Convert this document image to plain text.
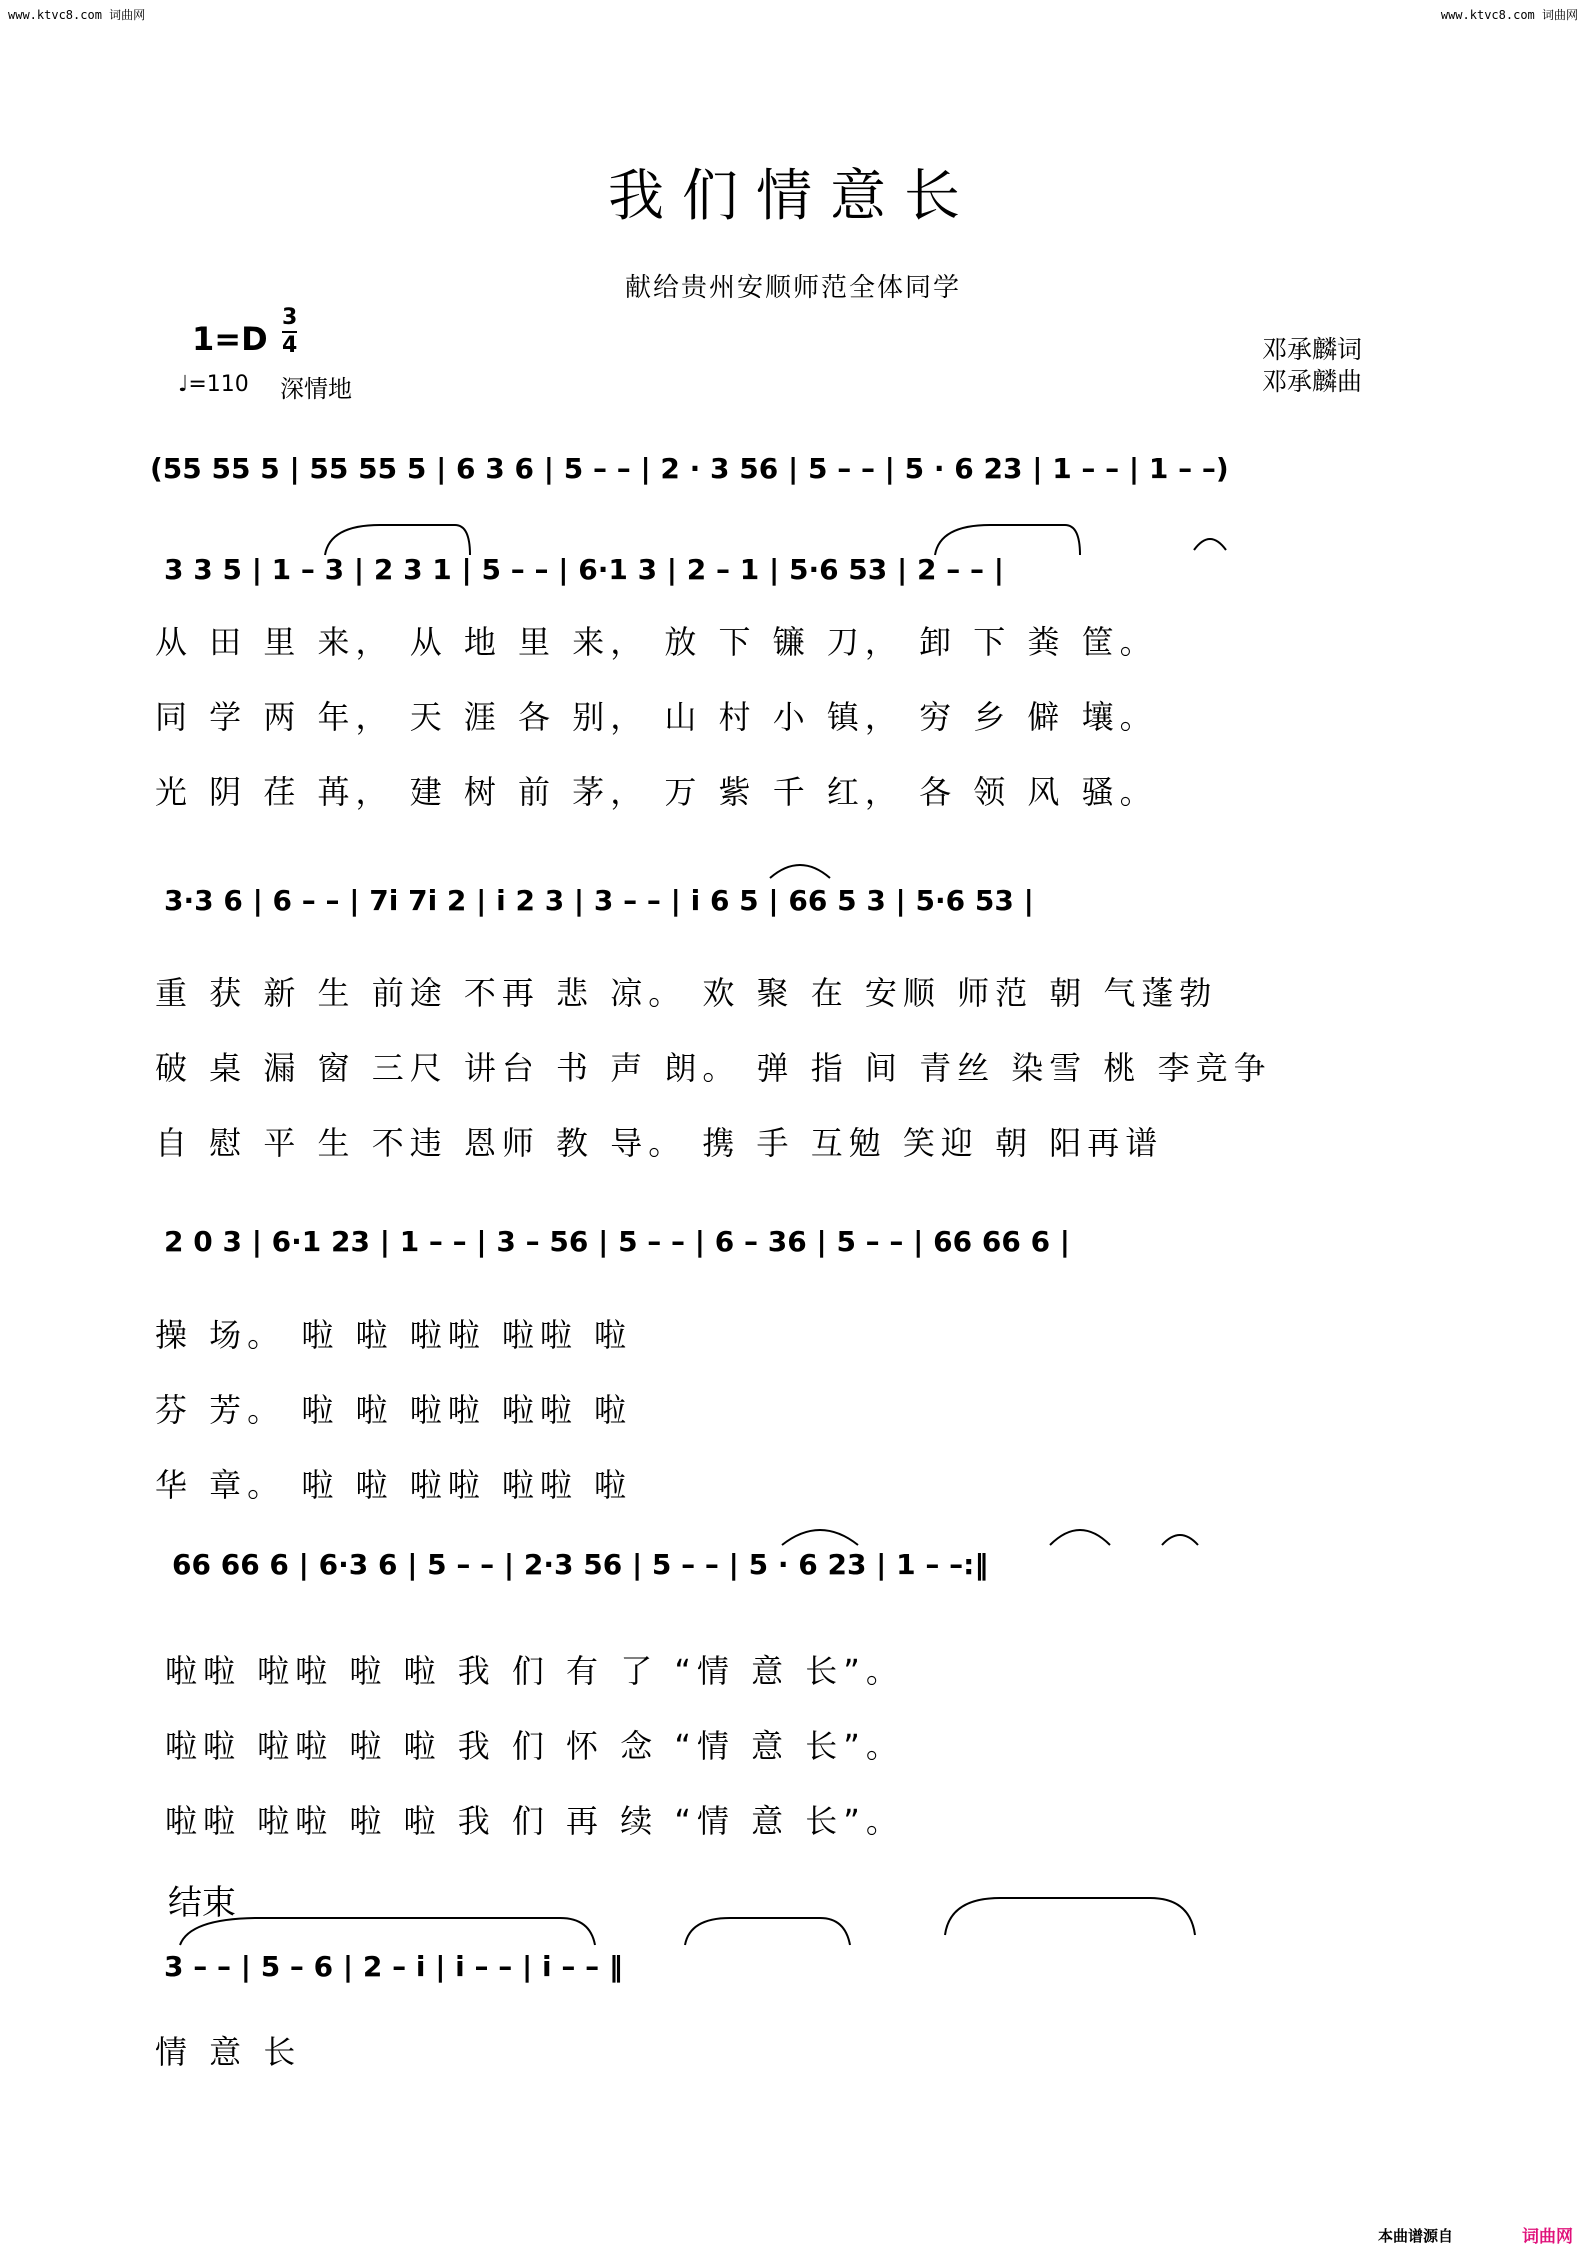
www.ktvc8.com 词曲网	www.ktvc8.com 词曲网
我们情意长
献给贵州安顺师范全体同学
1=D
3
4
♩=110 深情地
邓承麟词
邓承麟曲
(55 55 5 | 55 55 5 | 6 3 6 | 5 – – | 2 · 3 56 | 5 – – | 5 · 6 23 | 1 – – | 1 – –)
3 3 5 | 1 – 3 | 2 3 1 | 5 – – | 6·1 3 | 2 – 1 | 5·6 53 | 2 – – |
从 田 里 来， 从 地 里 来， 放 下 镰 刀， 卸 下 粪 筐。
同 学 两 年， 天 涯 各 别， 山 村 小 镇， 穷 乡 僻 壤。
光 阴 荏 苒， 建 树 前 茅， 万 紫 千 红， 各 领 风 骚。
3·3 6 | 6 – – | 7i 7i 2 | i 2 3 | 3 – – | i 6 5 | 66 5 3 | 5·6 53 |
重 获 新 生 前途 不再 悲 凉。 欢 聚 在 安顺 师范 朝 气蓬勃
破 桌 漏 窗 三尺 讲台 书 声 朗。 弹 指 间 青丝 染雪 桃 李竞争
自 慰 平 生 不违 恩师 教 导。 携 手 互勉 笑迎 朝 阳再谱
2 0 3 | 6·1 23 | 1 – – | 3 – 56 | 5 – – | 6 – 36 | 5 – – | 66 66 6 |
操 场。 啦 啦 啦啦 啦啦 啦
芬 芳。 啦 啦 啦啦 啦啦 啦
华 章。 啦 啦 啦啦 啦啦 啦
66 66 6 | 6·3 6 | 5 – – | 2·3 56 | 5 – – | 5 · 6 23 | 1 – –:‖
啦啦 啦啦 啦 啦 我 们 有 了 “情 意 长”。
啦啦 啦啦 啦 啦 我 们 怀 念 “情 意 长”。
啦啦 啦啦 啦 啦 我 们 再 续 “情 意 长”。
结束
3 – – | 5 – 6 | 2 – i | i – – | i – – ‖
情 意 长
本曲谱源自	词曲网
